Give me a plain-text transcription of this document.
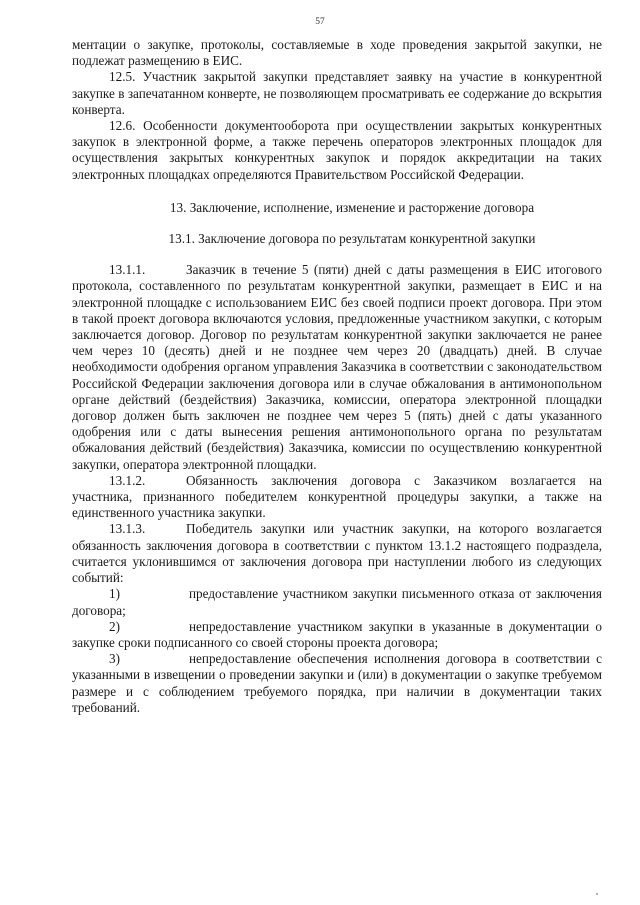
57

ментации о закупке, протоколы, составляемые в ходе проведения закрытой закупки, не подлежат размещению в ЕИС.

12.5. Участник закрытой закупки представляет заявку на участие в конкурентной закупке в запечатанном конверте, не позволяющем просматривать ее содержание до вскрытия конверта.

12.6. Особенности документооборота при осуществлении закрытых конкурентных закупок в электронной форме, а также перечень операторов электронных площадок для осуществления закрытых конкурентных закупок и порядок аккредитации на таких электронных площадках определяются Правительством Российской Федерации.

13. Заключение, исполнение, изменение и расторжение договора

13.1. Заключение договора по результатам конкурентной закупки

13.1.1.	Заказчик в течение 5 (пяти) дней с даты размещения в ЕИС итогового протокола, составленного по результатам конкурентной закупки, размещает в ЕИС и на электронной площадке с использованием ЕИС без своей подписи проект договора. При этом в такой проект договора включаются условия, предложенные участником закупки, с которым заключается договор. Договор по результатам конкурентной закупки заключается не ранее чем через 10 (десять) дней и не позднее чем через 20 (двадцать) дней. В случае необходимости одобрения органом управления Заказчика в соответствии с законодательством Российской Федерации заключения договора или в случае обжалования в антимонопольном органе действий (бездействия) Заказчика, комиссии, оператора электронной площадки договор должен быть заключен не позднее чем через 5 (пять) дней с даты указанного одобрения или с даты вынесения решения антимонопольного органа по результатам обжалования действий (бездействия) Заказчика, комиссии по осуществлению конкурентной закупки, оператора электронной площадки.

13.1.2.	Обязанность заключения договора с Заказчиком возлагается на участника, признанного победителем конкурентной процедуры закупки, а также на единственного участника закупки.

13.1.3.	Победитель закупки или участник закупки, на которого возлагается обязанность заключения договора в соответствии с пунктом 13.1.2 настоящего подраздела, считается уклонившимся от заключения договора при наступлении любого из следующих событий:

1)	предоставление участником закупки письменного отказа от заключения договора;

2)	непредоставление участником закупки в указанные в документации о закупке сроки подписанного со своей стороны проекта договора;

3)	непредоставление обеспечения исполнения договора в соответствии с указанными в извещении о проведении закупки и (или) в документации о закупке требуемом размере и с соблюдением требуемого порядка, при наличии в документации таких требований.
